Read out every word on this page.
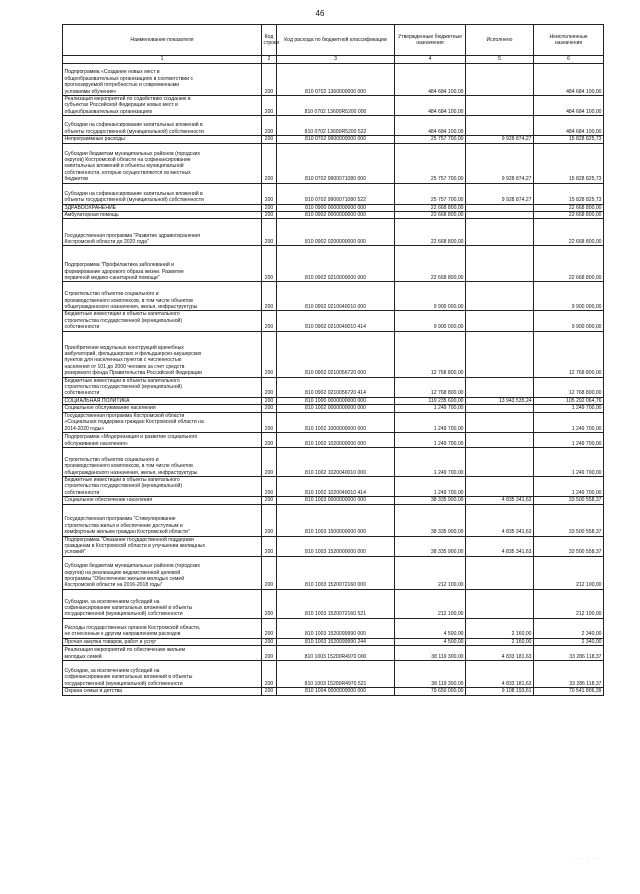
46
Наименование показателя	Код строки	Код расхода по бюджетной классификации	Утвержденные бюджетные назначения	Исполнено	Неисполненные назначения
1	2	3	4	5	6
Подпрограмма «Создание новых мест в
общеобразовательных организациях в соответствии с
прогнозируемой потребностью и современными
условиями обучения»	200	810 0702 1360000000 000	484 684 100,00		484 684 100,00
Реализация мероприятий по содействию созданию в
субъектах Российской Федерации новых мест в
общеобразовательных организациях	200	810 0702 13600R5200 000	484 684 100,00		484 684 100,00
Субсидии на софинансирование капитальных вложений в
объекты государственной (муниципальной) собственности	200	810 0702 13600R5200 522	484 684 100,00		484 684 100,00
Непрограммные расходы	200	810 0702 9900000000 000	25 757 700,00	9 928 874,27	15 828 825,73
Субсидии бюджетам муниципальных районов (городских
округов) Костромской области на софинансирование
капитальных вложений в объекты муниципальной
собственности, которые осуществляются из местных
бюджетов	200	810 0702 9900071080 000	25 757 700,00	9 928 874,27	15 828 825,73
Субсидии на софинансирование капитальных вложений в
объекты государственной (муниципальной) собственности	200	810 0702 9900071080 522	25 757 700,00	9 928 874,27	15 828 825,73
ЗДРАВООХРАНЕНИЕ	200	810 0900 0000000000 000	22 668 800,00		22 668 800,00
Амбулаторная помощь	200	810 0902 0000000000 000	22 668 800,00		22 668 800,00
Государственная программа "Развитие здравоохранения
Костромской области до 2020 года"	200	810 0902 0200000000 000	22 668 800,00		22 668 800,00
Подпрограмма "Профилактика заболеваний и
формирование здорового образа жизни. Развитие
первичной медико-санитарной помощи"	200	810 0902 0210000000 000	22 668 800,00		22 668 800,00
Строительство объектов социального и
производственного комплексов, в том числе объектов
общегражданского назначения, жилья, инфраструктуры	200	810 0902 0210040010 000	9 900 000,00		9 900 000,00
Бюджетные инвестиции в объекты капитального
строительства государственной (муниципальной)
собственности	200	810 0902 0210040010 414	9 900 000,00		9 900 000,00
Приобретение модульных конструкций врачебных
амбулаторий, фельдшерских и фельдшерско-акушерских
пунктов для населенных пунктов с численностью
населения от 101 до 2000 человек за счет средств
резервного фонда Правительства Российской Федерации	200	810 0902 0210056720 000	12 768 800,00		12 768 800,00
Бюджетные инвестиции в объекты капитального
строительства государственной (муниципальной)
собственности	200	810 0902 0210056720 414	12 768 800,00		12 768 800,00
СОЦИАЛЬНАЯ ПОЛИТИКА	200	810 1000 0000000000 000	119 235 600,00	13 943 535,24	105 292 064,76
Социальное обслуживание населения	200	810 1002 0000000000 000	1 249 700,00		1 249 700,00
Государственная программа Костромской области
«Социальная поддержка граждан Костромской области на
2014-2020 годы»	200	810 1002 1000000000 000	1 249 700,00		1 249 700,00
Подпрограмма «Модернизация и развитие социального
обслуживания населения»	200	810 1002 1020000000 000	1 249 700,00		1 249 700,00
Строительство объектов социального и
производственного комплексов, в том числе объектов
общегражданского назначения, жилья, инфраструктуры	200	810 1002 1020040010 000	1 249 700,00		1 249 700,00
Бюджетные инвестиции в объекты капитального
строительства государственной (муниципальной)
собственности	200	810 1002 1020040010 414	1 249 700,00		1 249 700,00
Социальное обеспечение населения	200	810 1003 0000000000 000	38 335 900,00	4 835 341,63	33 500 558,37
Государственная программа "Стимулирование
строительства жилья и обеспечение доступным и
комфортным жильем граждан Костромской области"	200	810 1003 1500000000 000	38 335 900,00	4 835 341,63	33 500 558,37
Подпрограмма "Оказание государственной поддержки
гражданам в Костромской области в улучшении жилищных
условий"	200	810 1003 1520000000 000	38 335 900,00	4 835 341,63	33 500 558,37
Субсидии бюджетам муниципальных районов (городских
округов) на реализацию ведомственной целевой
программы "Обеспечение жильем молодых семей
Костромской области на 2016-2018 годы"	200	810 1003 1520072160 000	212 100,00		212 100,00
Субсидии, за исключением субсидий на
софинансирование капитальных вложений в объекты
государственной (муниципальной) собственности	200	810 1003 1520072160 521	212 100,00		212 100,00
Расходы государственных органов Костромской области,
не отнесенные к другим направлениям расходов	200	810 1003 1520099990 000	4 500,00	2 160,00	2 340,00
Прочая закупка товаров, работ и услуг	200	810 1003 1520099990 244	4 500,00	2 160,00	2 340,00
Реализация мероприятий по обеспечению жильем
молодых семей	200	810 1003 15200R4970 000	38 119 300,00	4 833 181,63	33 286 118,37
Субсидии, за исключением субсидий на
софинансирование капитальных вложений в объекты
государственной (муниципальной) собственности	200	810 1003 15200R4970 521	38 119 300,00	4 833 181,63	33 286 118,37
Охрана семьи и детства	200	810 1004 0000000000 000	79 650 000,00	9 108 193,61	70 541 806,39
· · · · · ·
